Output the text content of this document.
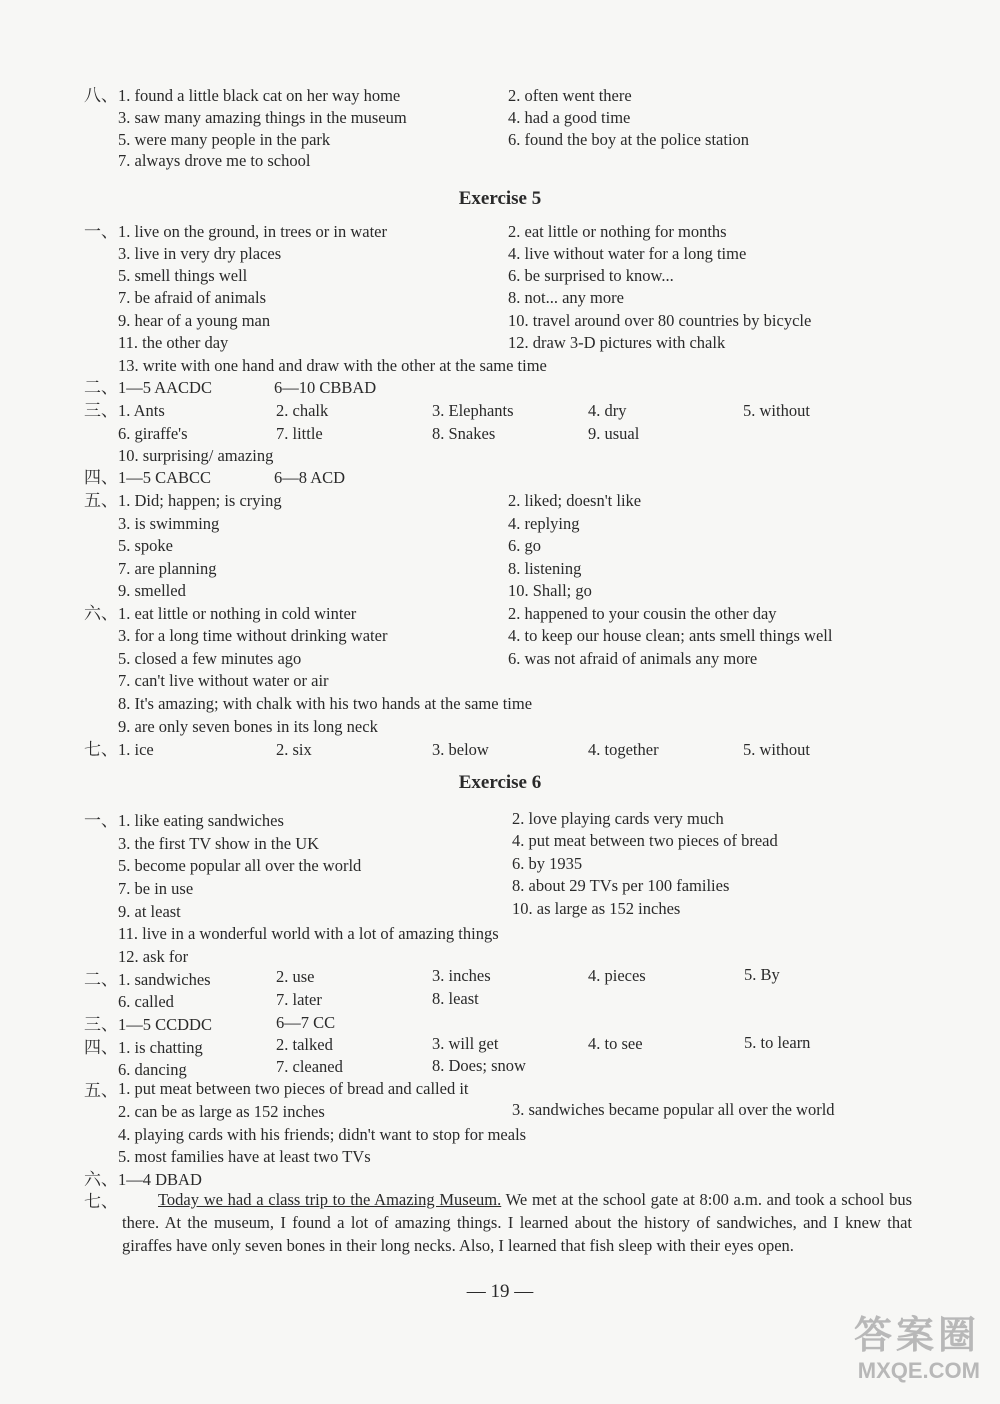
八、 1. found a little black cat on her way home	2. often went there
3. saw many amazing things in the museum	4. had a good time
5. were many people in the park	6. found the boy at the police station
7. always drove me to school
Exercise 5
一、 1. live on the ground, in trees or in water	2. eat little or nothing for months
3. live in very dry places	4. live without water for a long time
5. smell things well	6. be surprised to know...
7. be afraid of animals	8. not... any more
9. hear of a young man	10. travel around over 80 countries by bicycle
11. the other day	12. draw 3-D pictures with chalk
13. write with one hand and draw with the other at the same time
二、 1—5 AACDC	6—10 CBBAD
三、 1. Ants	2. chalk	3. Elephants	4. dry	5. without
6. giraffe's	7. little	8. Snakes	9. usual
10. surprising/ amazing
四、 1—5 CABCC	6—8 ACD
五、 1. Did; happen; is crying	2. liked; doesn't like
3. is swimming	4. replying
5. spoke	6. go
7. are planning	8. listening
9. smelled	10. Shall; go
六、 1. eat little or nothing in cold winter	2. happened to your cousin the other day
3. for a long time without drinking water	4. to keep our house clean; ants smell things well
5. closed a few minutes ago	6. was not afraid of animals any more
7. can't live without water or air
8. It's amazing; with chalk with his two hands at the same time
9. are only seven bones in its long neck
七、 1. ice	2. six	3. below	4. together	5. without
Exercise 6
一、 1. like eating sandwiches	2. love playing cards very much
3. the first TV show in the UK	4. put meat between two pieces of bread
5. become popular all over the world	6. by 1935
7. be in use	8. about 29 TVs per 100 families
9. at least	10. as large as 152 inches
11. live in a wonderful world with a lot of amazing things
12. ask for
二、 1. sandwiches	2. use	3. inches	4. pieces	5. By
6. called	7. later	8. least
三、 1—5 CCDDC	6—7 CC
四、 1. is chatting	2. talked	3. will get	4. to see	5. to learn
6. dancing	7. cleaned	8. Does; snow
五、 1. put meat between two pieces of bread and called it
2. can be as large as 152 inches	3. sandwiches became popular all over the world
4. playing cards with his friends; didn't want to stop for meals
5. most families have at least two TVs
六、 1—4 DBAD
七、	Today we had a class trip to the Amazing Museum. We met at the school gate at 8:00 a.m. and took a school bus there. At the museum, I found a lot of amazing things. I learned about the history of sandwiches, and I knew that giraffes have only seven bones in their long necks. Also, I learned that fish sleep with their eyes open.
— 19 —
答案圈
MXQE.COM
